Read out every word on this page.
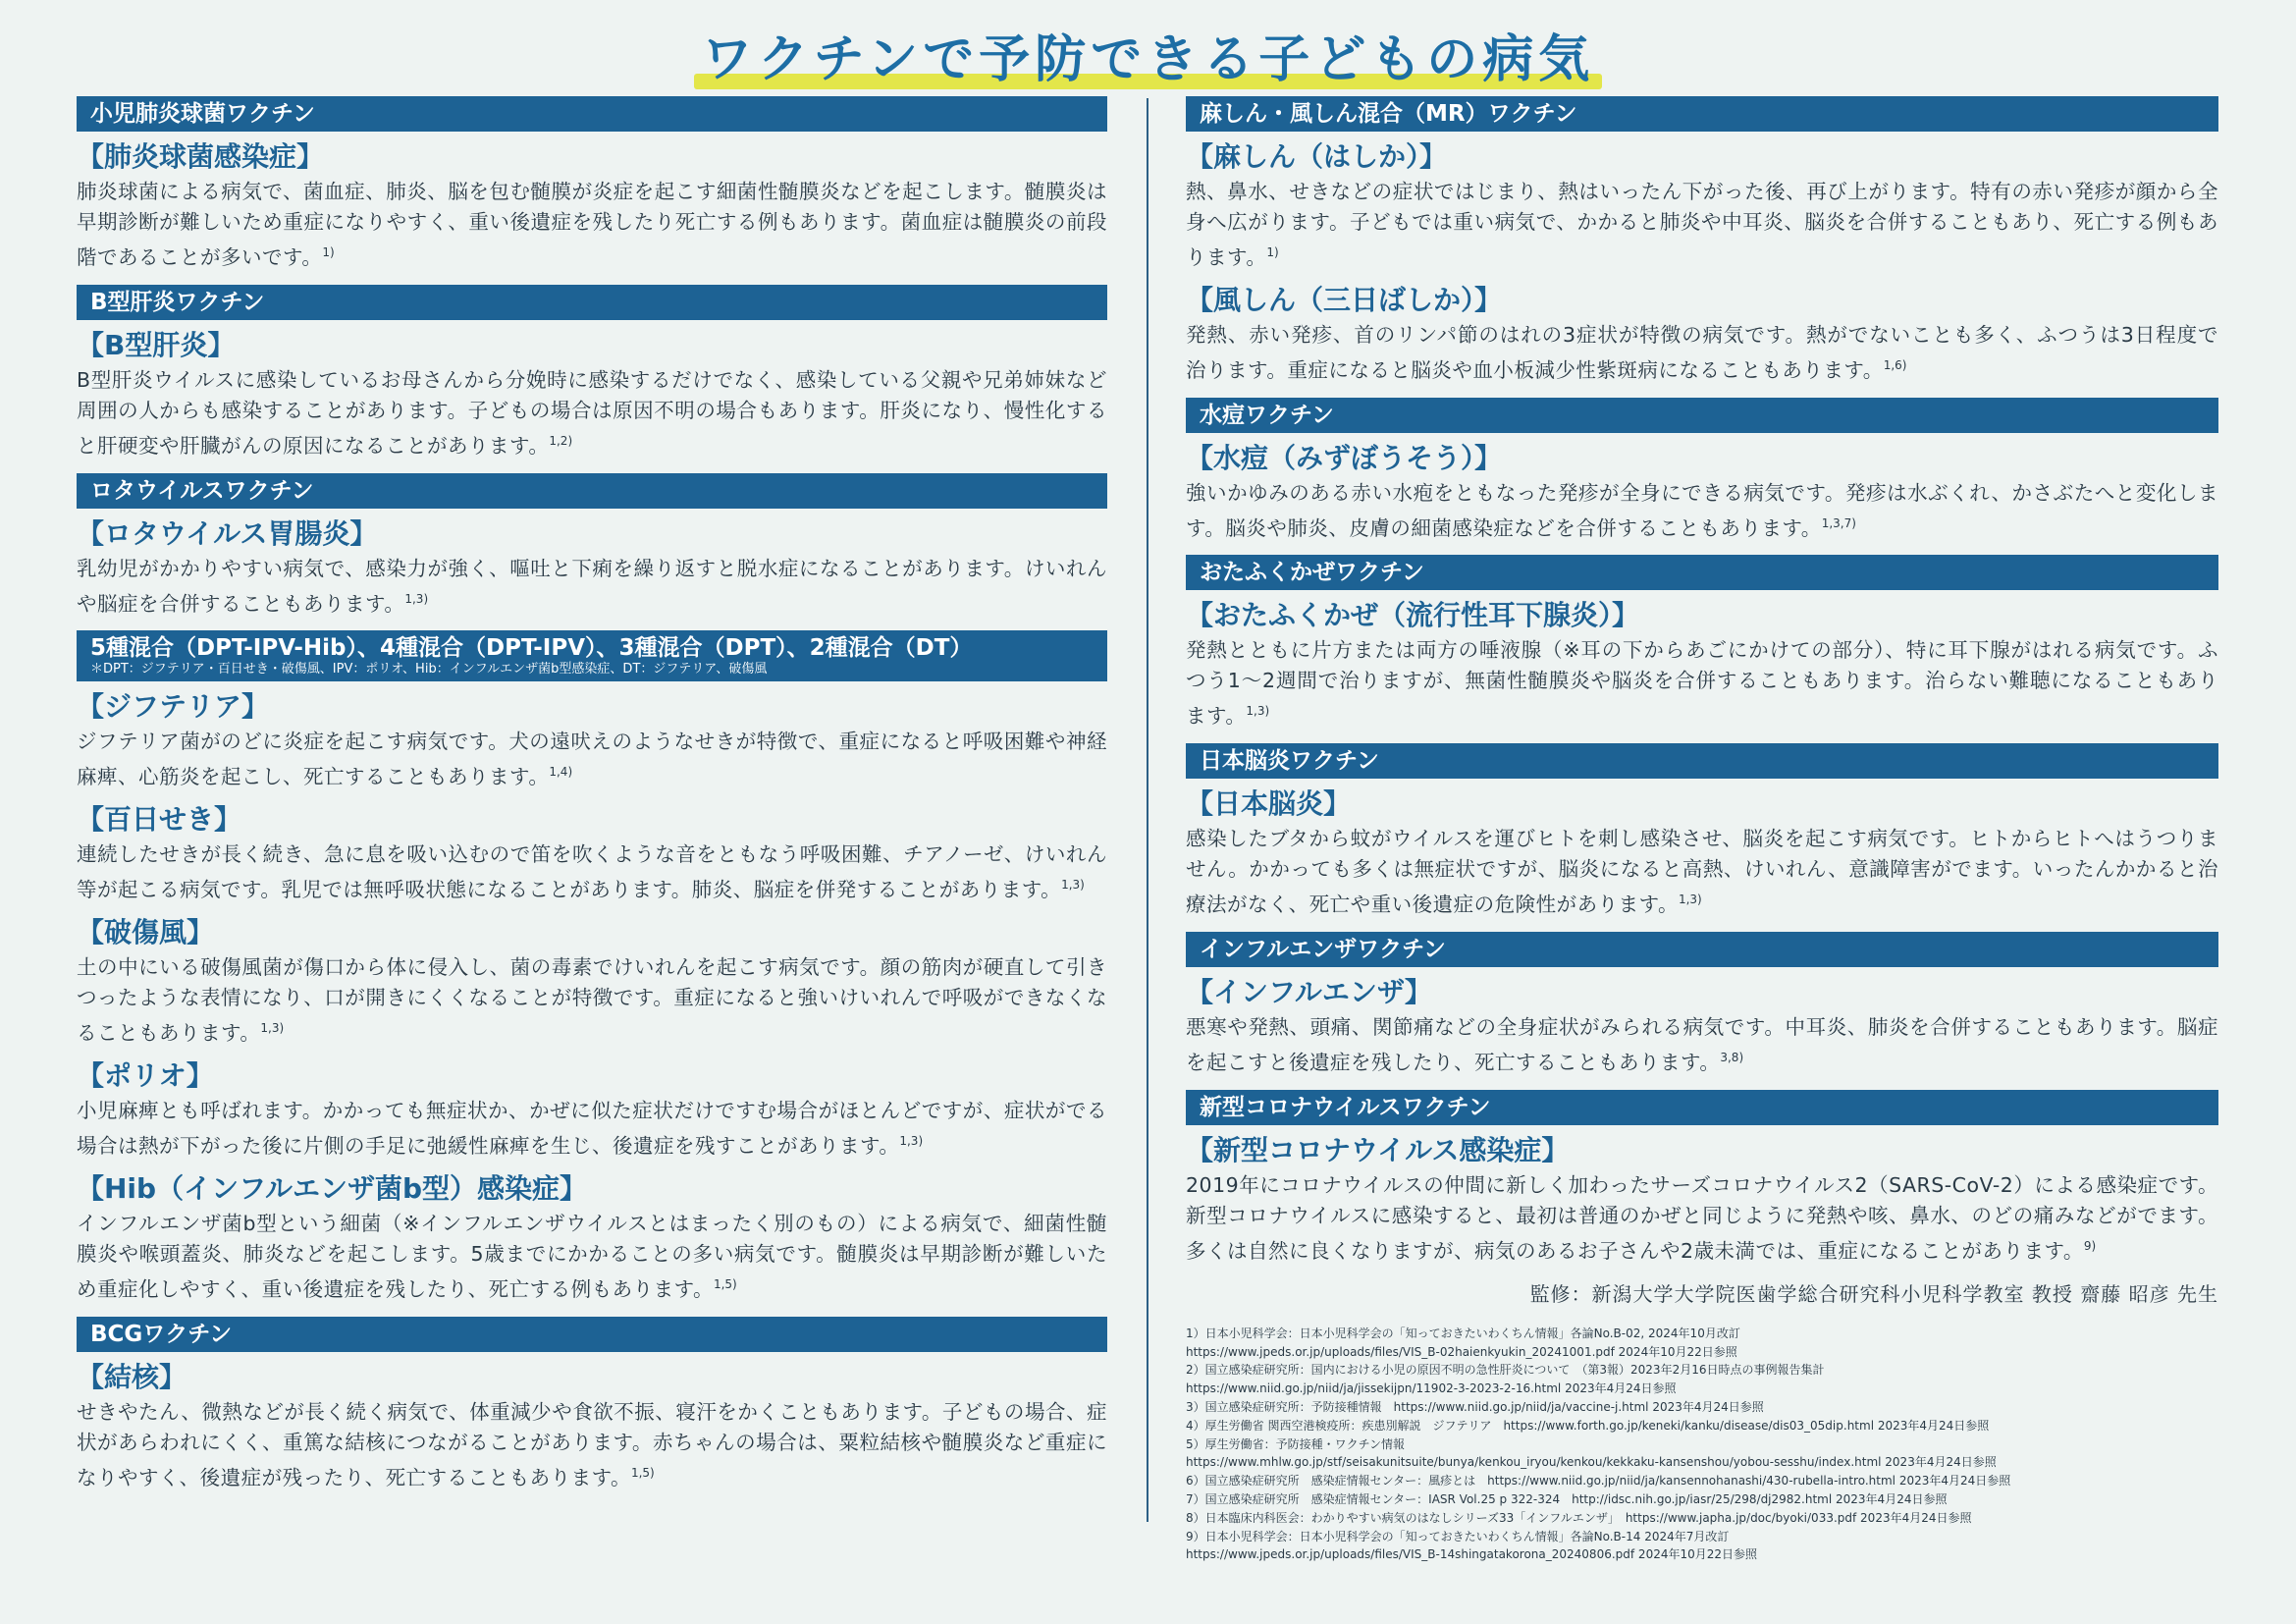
ワクチンで予防できる子どもの病気
小児肺炎球菌ワクチン
【肺炎球菌感染症】
肺炎球菌による病気で、菌血症、肺炎、脳を包む髄膜が炎症を起こす細菌性髄膜炎などを起こします。髄膜炎は早期診断が難しいため重症になりやすく、重い後遺症を残したり死亡する例もあります。菌血症は髄膜炎の前段階であることが多いです。$^{1)}$
B型肝炎ワクチン
【B型肝炎】
B型肝炎ウイルスに感染しているお母さんから分娩時に感染するだけでなく、感染している父親や兄弟姉妹など周囲の人からも感染することがあります。子どもの場合は原因不明の場合もあります。肝炎になり、慢性化すると肝硬変や肝臓がんの原因になることがあります。$^{1,2)}$
ロタウイルスワクチン
【ロタウイルス胃腸炎】
乳幼児がかかりやすい病気で、感染力が強く、嘔吐と下痢を繰り返すと脱水症になることがあります。けいれんや脳症を合併することもあります。$^{1,3)}$
5種混合（DPT-IPV-Hib）、4種混合（DPT-IPV）、3種混合（DPT）、2種混合（DT）
＊DPT：ジフテリア・百日せき・破傷風、IPV：ポリオ、Hib：インフルエンザ菌b型感染症、DT：ジフテリア、破傷風
【ジフテリア】
ジフテリア菌がのどに炎症を起こす病気です。犬の遠吠えのようなせきが特徴で、重症になると呼吸困難や神経麻痺、心筋炎を起こし、死亡することもあります。$^{1,4)}$
【百日せき】
連続したせきが長く続き、急に息を吸い込むので笛を吹くような音をともなう呼吸困難、チアノーゼ、けいれん等が起こる病気です。乳児では無呼吸状態になることがあります。肺炎、脳症を併発することがあります。$^{1,3)}$
【破傷風】
土の中にいる破傷風菌が傷口から体に侵入し、菌の毒素でけいれんを起こす病気です。顔の筋肉が硬直して引きつったような表情になり、口が開きにくくなることが特徴です。重症になると強いけいれんで呼吸ができなくなることもあります。$^{1,3)}$
【ポリオ】
小児麻痺とも呼ばれます。かかっても無症状か、かぜに似た症状だけですむ場合がほとんどですが、症状がでる場合は熱が下がった後に片側の手足に弛緩性麻痺を生じ、後遺症を残すことがあります。$^{1,3)}$
【Hib（インフルエンザ菌b型）感染症】
インフルエンザ菌b型という細菌（※インフルエンザウイルスとはまったく別のもの）による病気で、細菌性髄膜炎や喉頭蓋炎、肺炎などを起こします。5歳までにかかることの多い病気です。髄膜炎は早期診断が難しいため重症化しやすく、重い後遺症を残したり、死亡する例もあります。$^{1,5)}$
BCGワクチン
【結核】
せきやたん、微熱などが長く続く病気で、体重減少や食欲不振、寝汗をかくこともあります。子どもの場合、症状があらわれにくく、重篤な結核につながることがあります。赤ちゃんの場合は、粟粒結核や髄膜炎など重症になりやすく、後遺症が残ったり、死亡することもあります。$^{1,5)}$
麻しん・風しん混合（MR）ワクチン
【麻しん（はしか）】
熱、鼻水、せきなどの症状ではじまり、熱はいったん下がった後、再び上がります。特有の赤い発疹が顔から全身へ広がります。子どもでは重い病気で、かかると肺炎や中耳炎、脳炎を合併することもあり、死亡する例もあります。$^{1)}$
【風しん（三日ばしか）】
発熱、赤い発疹、首のリンパ節のはれの3症状が特徴の病気です。熱がでないことも多く、ふつうは3日程度で治ります。重症になると脳炎や血小板減少性紫斑病になることもあります。$^{1,6)}$
水痘ワクチン
【水痘（みずぼうそう）】
強いかゆみのある赤い水疱をともなった発疹が全身にできる病気です。発疹は水ぶくれ、かさぶたへと変化します。脳炎や肺炎、皮膚の細菌感染症などを合併することもあります。$^{1,3,7)}$
おたふくかぜワクチン
【おたふくかぜ（流行性耳下腺炎）】
発熱とともに片方または両方の唾液腺（※耳の下からあごにかけての部分）、特に耳下腺がはれる病気です。ふつう1〜2週間で治りますが、無菌性髄膜炎や脳炎を合併することもあります。治らない難聴になることもあります。$^{1,3)}$
日本脳炎ワクチン
【日本脳炎】
感染したブタから蚊がウイルスを運びヒトを刺し感染させ、脳炎を起こす病気です。ヒトからヒトへはうつりません。かかっても多くは無症状ですが、脳炎になると高熱、けいれん、意識障害がでます。いったんかかると治療法がなく、死亡や重い後遺症の危険性があります。$^{1,3)}$
インフルエンザワクチン
【インフルエンザ】
悪寒や発熱、頭痛、関節痛などの全身症状がみられる病気です。中耳炎、肺炎を合併することもあります。脳症を起こすと後遺症を残したり、死亡することもあります。$^{3,8)}$
新型コロナウイルスワクチン
【新型コロナウイルス感染症】
2019年にコロナウイルスの仲間に新しく加わったサーズコロナウイルス2（SARS-CoV-2）による感染症です。新型コロナウイルスに感染すると、最初は普通のかぜと同じように発熱や咳、鼻水、のどの痛みなどがでます。多くは自然に良くなりますが、病気のあるお子さんや2歳未満では、重症になることがあります。$^{9)}$
監修：新潟大学大学院医歯学総合研究科小児科学教室 教授 齋藤 昭彦 先生
1）日本小児科学会：日本小児科学会の「知っておきたいわくちん情報」各論No.B-02, 2024年10月改訂
https://www.jpeds.or.jp/uploads/files/VIS_B-02haienkyukin_20241001.pdf 2024年10月22日参照
2）国立感染症研究所：国内における小児の原因不明の急性肝炎について　（第3報）2023年2月16日時点の事例報告集計
https://www.niid.go.jp/niid/ja/jissekijpn/11902-3-2023-2-16.html 2023年4月24日参照
3）国立感染症研究所：予防接種情報　https://www.niid.go.jp/niid/ja/vaccine-j.html 2023年4月24日参照
4）厚生労働省 関西空港検疫所：疾患別解説　ジフテリア　https://www.forth.go.jp/keneki/kanku/disease/dis03_05dip.html 2023年4月24日参照
5）厚生労働省：予防接種・ワクチン情報
https://www.mhlw.go.jp/stf/seisakunitsuite/bunya/kenkou_iryou/kenkou/kekkaku-kansenshou/yobou-sesshu/index.html 2023年4月24日参照
6）国立感染症研究所　感染症情報センター：風疹とは　https://www.niid.go.jp/niid/ja/kansennohanashi/430-rubella-intro.html 2023年4月24日参照
7）国立感染症研究所　感染症情報センター：IASR Vol.25 p 322-324　http://idsc.nih.go.jp/iasr/25/298/dj2982.html 2023年4月24日参照
8）日本臨床内科医会：わかりやすい病気のはなしシリーズ33「インフルエンザ」　https://www.japha.jp/doc/byoki/033.pdf 2023年4月24日参照
9）日本小児科学会：日本小児科学会の「知っておきたいわくちん情報」各論No.B-14 2024年7月改訂
https://www.jpeds.or.jp/uploads/files/VIS_B-14shingatakorona_20240806.pdf 2024年10月22日参照
